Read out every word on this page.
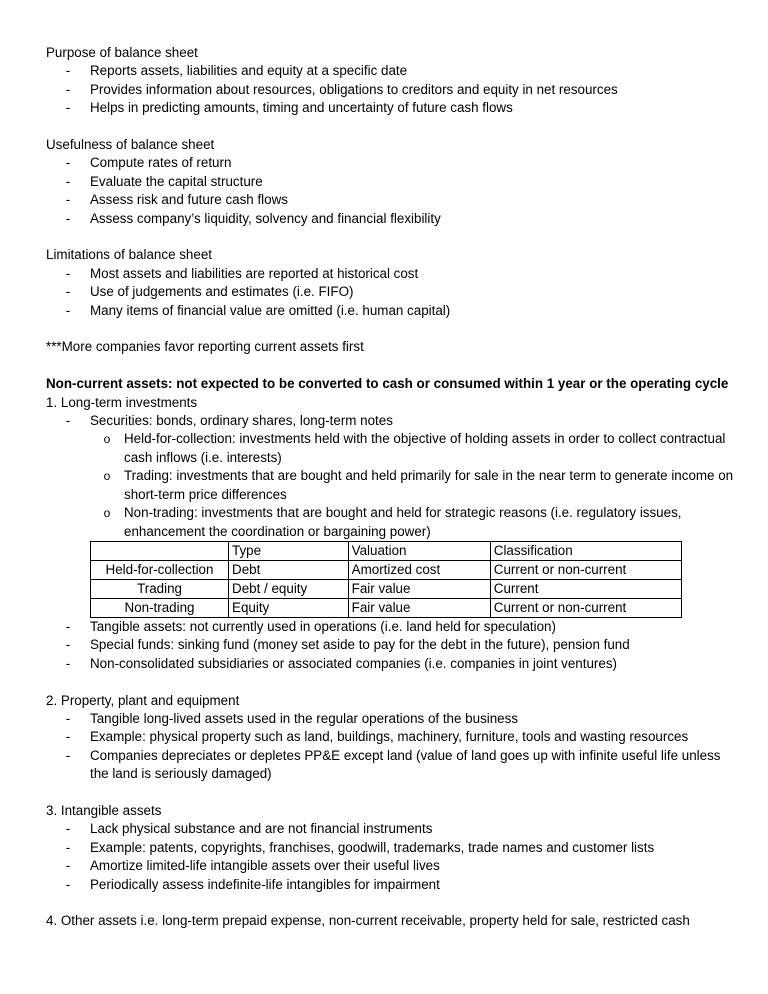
Purpose of balance sheet
-	Reports assets, liabilities and equity at a specific date
-	Provides information about resources, obligations to creditors and equity in net resources
-	Helps in predicting amounts, timing and uncertainty of future cash flows
Usefulness of balance sheet
-	Compute rates of return
-	Evaluate the capital structure
-	Assess risk and future cash flows
-	Assess company’s liquidity, solvency and financial flexibility
Limitations of balance sheet
-	Most assets and liabilities are reported at historical cost
-	Use of judgements and estimates (i.e. FIFO)
-	Many items of financial value are omitted (i.e. human capital)
***More companies favor reporting current assets first
Non-current assets: not expected to be converted to cash or consumed within 1 year or the operating cycle
1. Long-term investments
-	Securities: bonds, ordinary shares, long-term notes
o	Held-for-collection: investments held with the objective of holding assets in order to collect contractual cash inflows (i.e. interests)
o	Trading: investments that are bought and held primarily for sale in the near term to generate income on short-term price differences
o	Non-trading: investments that are bought and held for strategic reasons (i.e. regulatory issues, enhancement the coordination or bargaining power)
	Type	Valuation	Classification
Held-for-collection	Debt	Amortized cost	Current or non-current
Trading	Debt / equity	Fair value	Current
Non-trading	Equity	Fair value	Current or non-current
-	Tangible assets: not currently used in operations (i.e. land held for speculation)
-	Special funds: sinking fund (money set aside to pay for the debt in the future), pension fund
-	Non-consolidated subsidiaries or associated companies (i.e. companies in joint ventures)
2. Property, plant and equipment
-	Tangible long-lived assets used in the regular operations of the business
-	Example: physical property such as land, buildings, machinery, furniture, tools and wasting resources
-	Companies depreciates or depletes PP&E except land (value of land goes up with infinite useful life unless the land is seriously damaged)
3. Intangible assets
-	Lack physical substance and are not financial instruments
-	Example: patents, copyrights, franchises, goodwill, trademarks, trade names and customer lists
-	Amortize limited-life intangible assets over their useful lives
-	Periodically assess indefinite-life intangibles for impairment
4. Other assets i.e. long-term prepaid expense, non-current receivable, property held for sale, restricted cash
